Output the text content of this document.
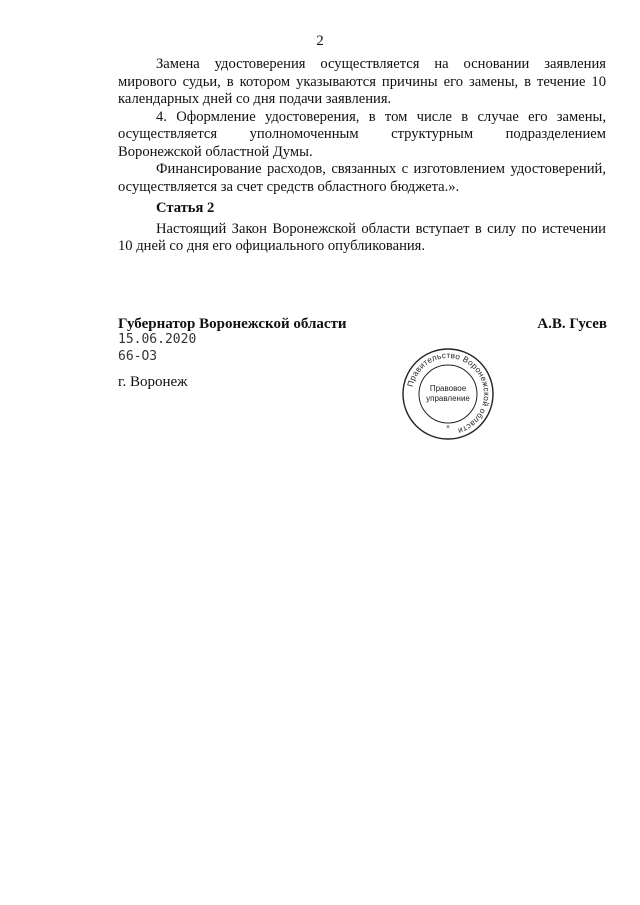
2

Замена удостоверения осуществляется на основании заявления мирового судьи, в котором указываются причины его замены, в течение 10 календарных дней со дня подачи заявления.

4. Оформление удостоверения, в том числе в случае его замены, осуществляется уполномоченным структурным подразделением Воронежской областной Думы.

Финансирование расходов, связанных с изготовлением удостоверений, осуществляется за счет средств областного бюджета.».

Статья 2

Настоящий Закон Воронежской области вступает в силу по истечении 10 дней со дня его официального опубликования.

Губернатор Воронежской области	А.В. Гусев
15.06.2020
66-ОЗ
г. Воронеж	Правительство Воронежской области
Правовое
управление
*
